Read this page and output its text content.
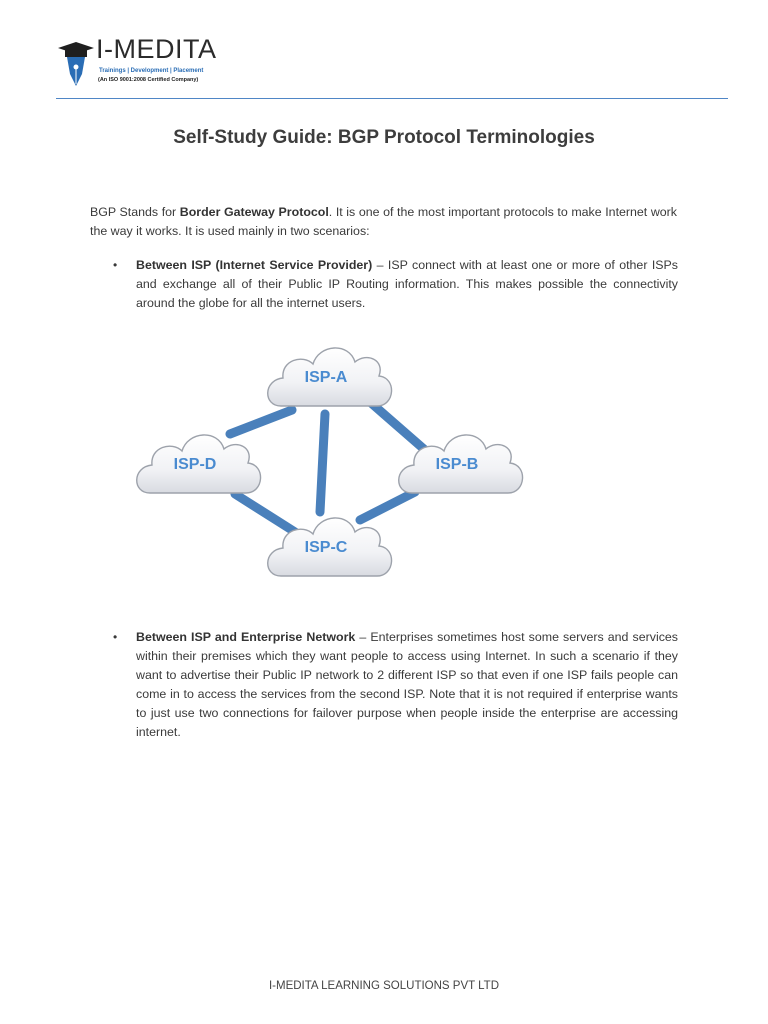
I-MEDITA
Trainings | Development | Placement
(An ISO 9001:2008 Certified Company)
Self-Study Guide: BGP Protocol Terminologies

BGP Stands for Border Gateway Protocol. It is one of the most important protocols to make Internet work the way it works. It is used mainly in two scenarios:

• Between ISP (Internet Service Provider) – ISP connect with at least one or more of other ISPs and exchange all of their Public IP Routing information. This makes possible the connectivity around the globe for all the internet users.
ISP-A
ISP-D	ISP-B
ISP-C
• Between ISP and Enterprise Network – Enterprises sometimes host some servers and services within their premises which they want people to access using Internet. In such a scenario if they want to advertise their Public IP network to 2 different ISP so that even if one ISP fails people can come in to access the services from the second ISP. Note that it is not required if enterprise wants to just use two connections for failover purpose when people inside the enterprise are accessing internet.
I-MEDITA LEARNING SOLUTIONS PVT LTD
